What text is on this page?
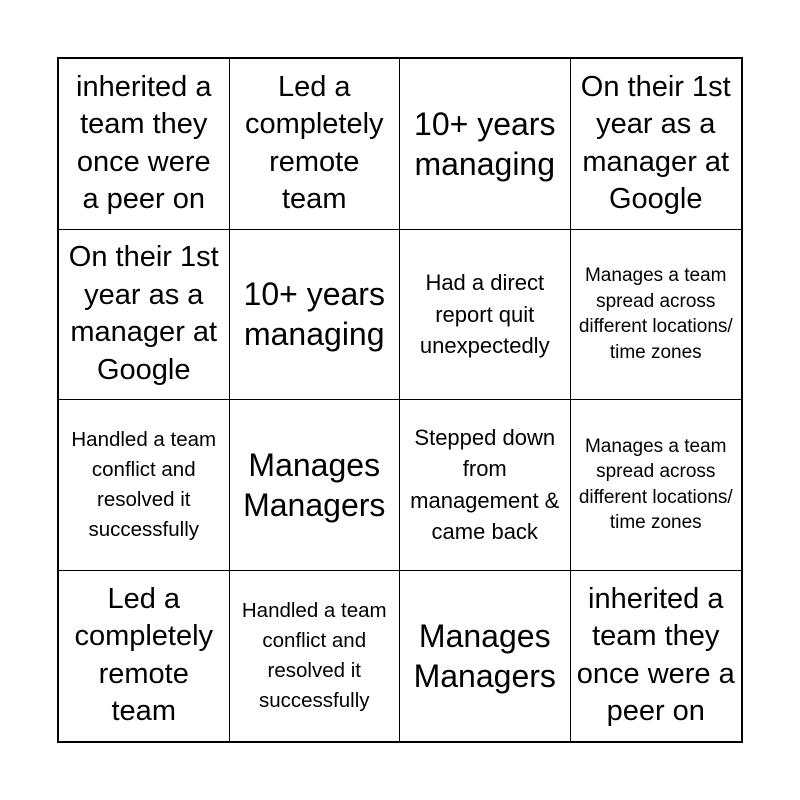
inherited a team they once were a peer on
Led a completely remote team
10+ years managing
On their 1st year as a manager at Google
On their 1st year as a manager at Google
10+ years managing
Had a direct report quit unexpectedly
Manages a team spread across different locations/ time zones
Handled a team conflict and resolved it successfully
Manages Managers
Stepped down from management & came back
Manages a team spread across different locations/ time zones
Led a completely remote team
Handled a team conflict and resolved it successfully
Manages Managers
inherited a team they once were a peer on
